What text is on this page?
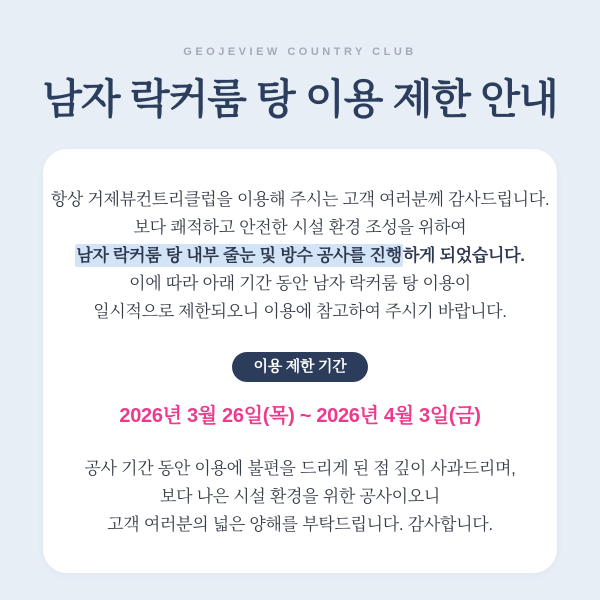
GEOJEVIEW COUNTRY CLUB
남자 락커룸 탕 이용 제한 안내
항상 거제뷰컨트리클럽을 이용해 주시는 고객 여러분께 감사드립니다.
보다 쾌적하고 안전한 시설 환경 조성을 위하여
남자 락커룸 탕 내부 줄눈 및 방수 공사를 진행하게 되었습니다.
이에 따라 아래 기간 동안 남자 락커룸 탕 이용이
일시적으로 제한되오니 이용에 참고하여 주시기 바랍니다.
이용 제한 기간
2026년 3월 26일(목) ~ 2026년 4월 3일(금)
공사 기간 동안 이용에 불편을 드리게 된 점 깊이 사과드리며,
보다 나은 시설 환경을 위한 공사이오니
고객 여러분의 넓은 양해를 부탁드립니다. 감사합니다.
